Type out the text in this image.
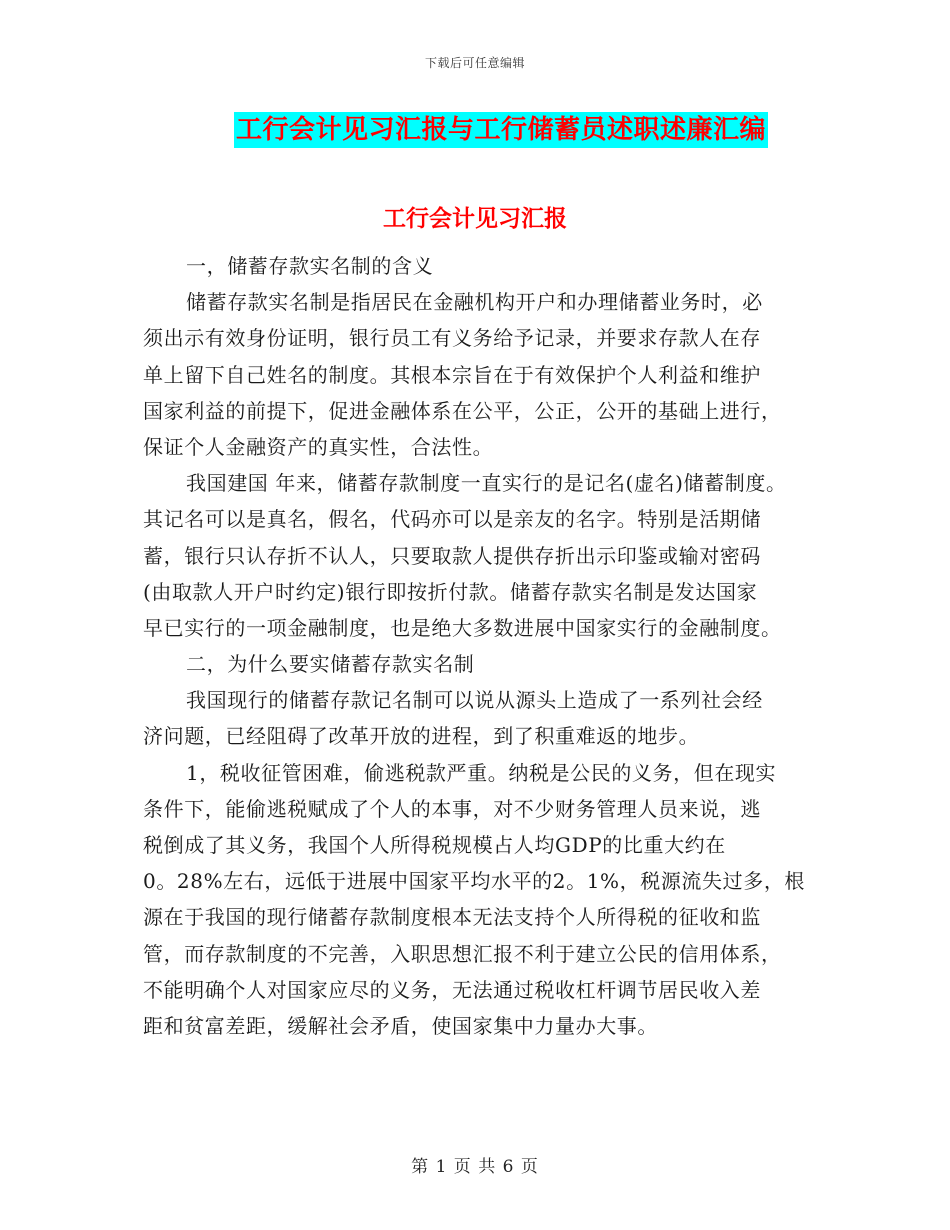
下载后可任意编辑
工行会计见习汇报与工行储蓄员述职述廉汇编
工行会计见习汇报
一，储蓄存款实名制的含义
储蓄存款实名制是指居民在金融机构开户和办理储蓄业务时，必
须出示有效身份证明，银行员工有义务给予记录，并要求存款人在存
单上留下自己姓名的制度。其根本宗旨在于有效保护个人利益和维护
国家利益的前提下，促进金融体系在公平，公正，公开的基础上进行，
保证个人金融资产的真实性，合法性。
我国建国 年来，储蓄存款制度一直实行的是记名(虚名)储蓄制度。
其记名可以是真名，假名，代码亦可以是亲友的名字。特别是活期储
蓄，银行只认存折不认人，只要取款人提供存折出示印鉴或输对密码
(由取款人开户时约定)银行即按折付款。储蓄存款实名制是发达国家
早已实行的一项金融制度，也是绝大多数进展中国家实行的金融制度。
二，为什么要实储蓄存款实名制
我国现行的储蓄存款记名制可以说从源头上造成了一系列社会经
济问题，已经阻碍了改革开放的进程，到了积重难返的地步。
1，税收征管困难，偷逃税款严重。纳税是公民的义务，但在现实
条件下，能偷逃税赋成了个人的本事，对不少财务管理人员来说，逃
税倒成了其义务，我国个人所得税规模占人均GDP的比重大约在
0。28%左右，远低于进展中国家平均水平的2。1%，税源流失过多，根
源在于我国的现行储蓄存款制度根本无法支持个人所得税的征收和监
管，而存款制度的不完善，入职思想汇报不利于建立公民的信用体系，
不能明确个人对国家应尽的义务，无法通过税收杠杆调节居民收入差
距和贫富差距，缓解社会矛盾，使国家集中力量办大事。
第 1 页 共 6 页
